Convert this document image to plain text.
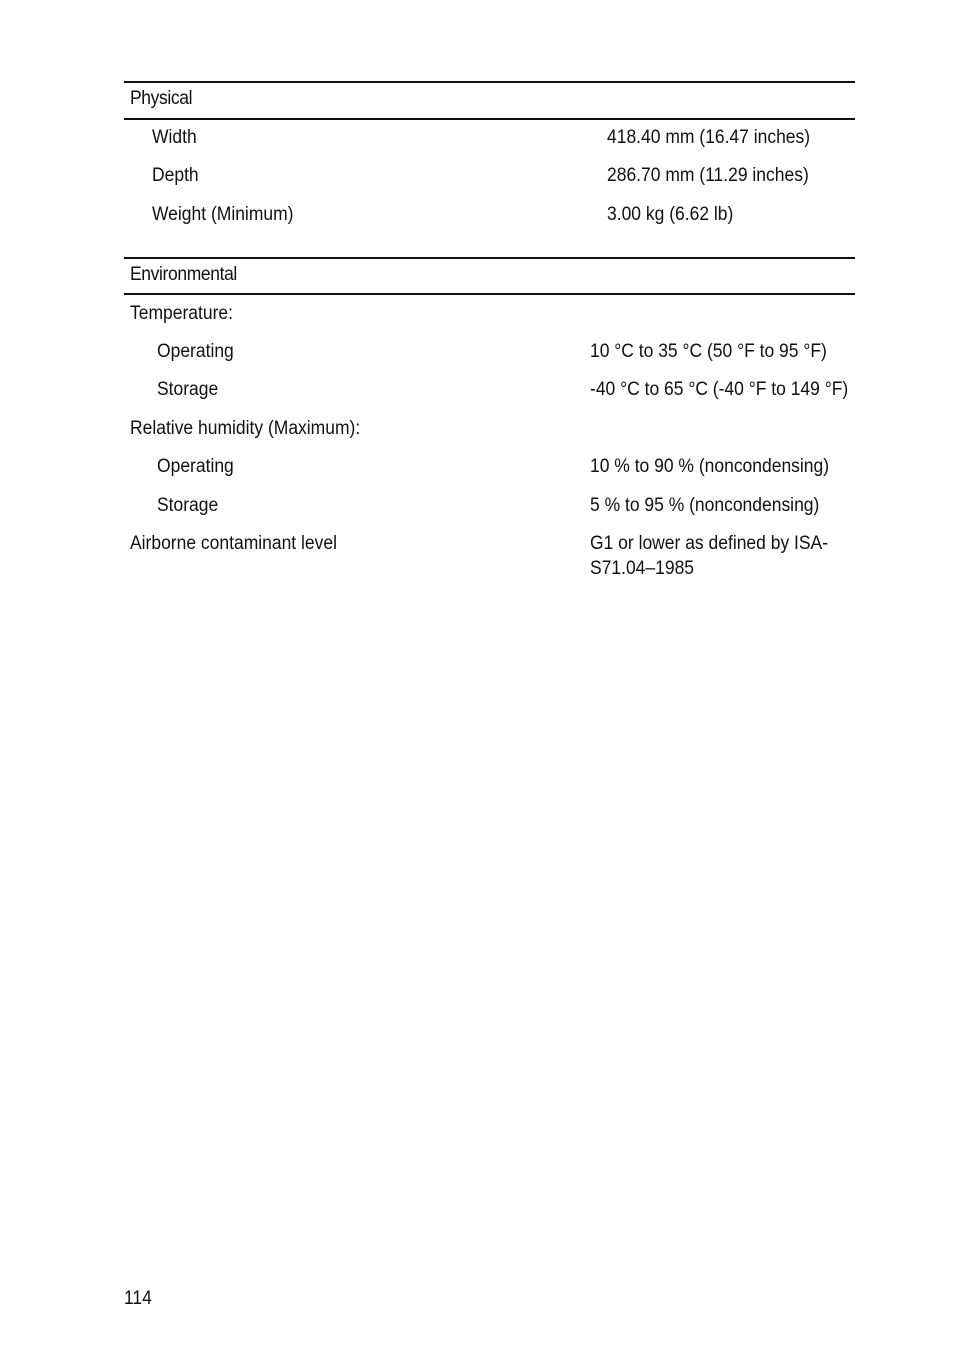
Physical
Width	418.40 mm (16.47 inches)
Depth	286.70 mm (11.29 inches)
Weight (Minimum)	3.00 kg (6.62 lb)
Environmental
Temperature:
Operating	10 °C to 35 °C (50 °F to 95 °F)
Storage	-40 °C to 65 °C (-40 °F to 149 °F)
Relative humidity (Maximum):
Operating	10 % to 90 % (noncondensing)
Storage	5 % to 95 % (noncondensing)
Airborne contaminant level	G1 or lower as defined by ISA-
S71.04–1985
114
